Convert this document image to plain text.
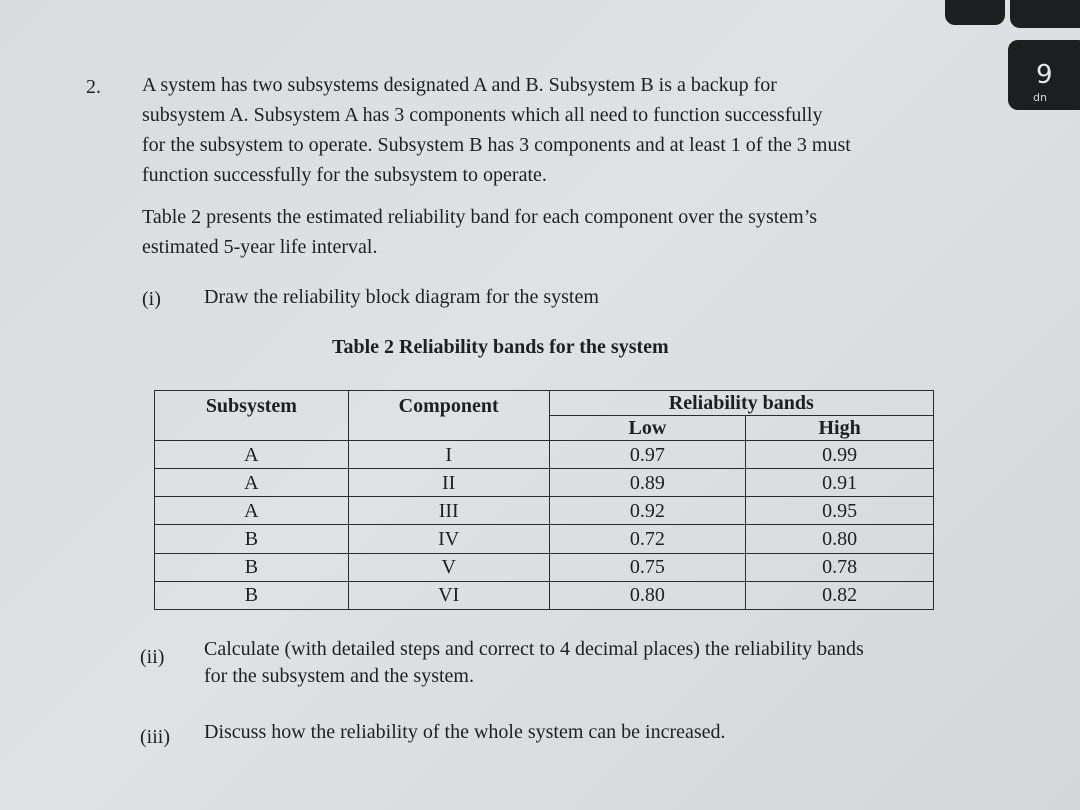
9
up
2. A system has two subsystems designated A and B. Subsystem B is a backup for
subsystem A. Subsystem A has 3 components which all need to function successfully
for the subsystem to operate. Subsystem B has 3 components and at least 1 of the 3 must
function successfully for the subsystem to operate.
Table 2 presents the estimated reliability band for each component over the system’s
estimated 5-year life interval.
(i) Draw the reliability block diagram for the system
Table 2 Reliability bands for the system
Subsystem	Component	Reliability bands	
		Low	High
A	I	0.97	0.99
A	II	0.89	0.91
A	III	0.92	0.95
B	IV	0.72	0.80
B	V	0.75	0.78
B	VI	0.80	0.82
(ii) Calculate (with detailed steps and correct to 4 decimal places) the reliability bands
for the subsystem and the system.
(iii) Discuss how the reliability of the whole system can be increased.
